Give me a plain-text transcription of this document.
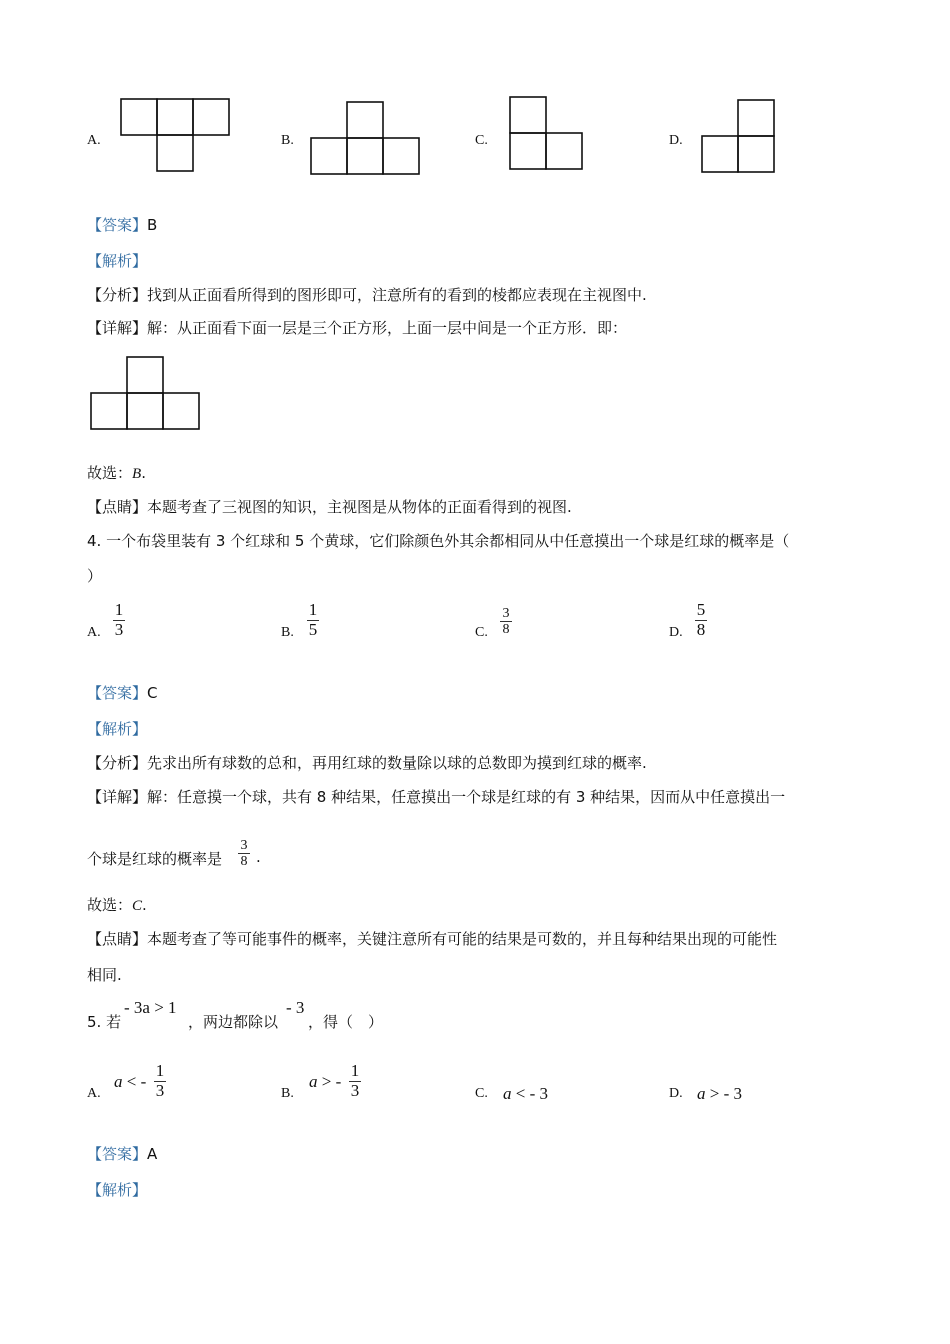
A.	B.	C.	D.
【答案】B
【解析】
【分析】找到从正面看所得到的图形即可，注意所有的看到的棱都应表现在主视图中.
【详解】解：从正面看下面一层是三个正方形，上面一层中间是一个正方形．即：
故选：B.
【点睛】本题考查了三视图的知识，主视图是从物体的正面看得到的视图.
4. 一个布袋里装有 3 个红球和 5 个黄球，它们除颜色外其余都相同从中任意摸出一个球是红球的概率是（
）
A.
1
3	B.
1
5	C.
3
8	D.
5
8
【答案】C
【解析】
【分析】先求出所有球数的总和，再用红球的数量除以球的总数即为摸到红球的概率.
【详解】解：任意摸一个球，共有 8 种结果，任意摸出一个球是红球的有 3 种结果，因而从中任意摸出一
个球是红球的概率是
3
8 .
故选：C.
【点睛】本题考查了等可能事件的概率，关键注意所有可能的结果是可数的，并且每种结果出现的可能性
相同.
5. 若
- 3a > 1
，两边都除以
- 3
，得（　）
A.
a < -
1
3	B.
a > -
1
3	C. a < - 3	D. a > - 3
【答案】A
【解析】
